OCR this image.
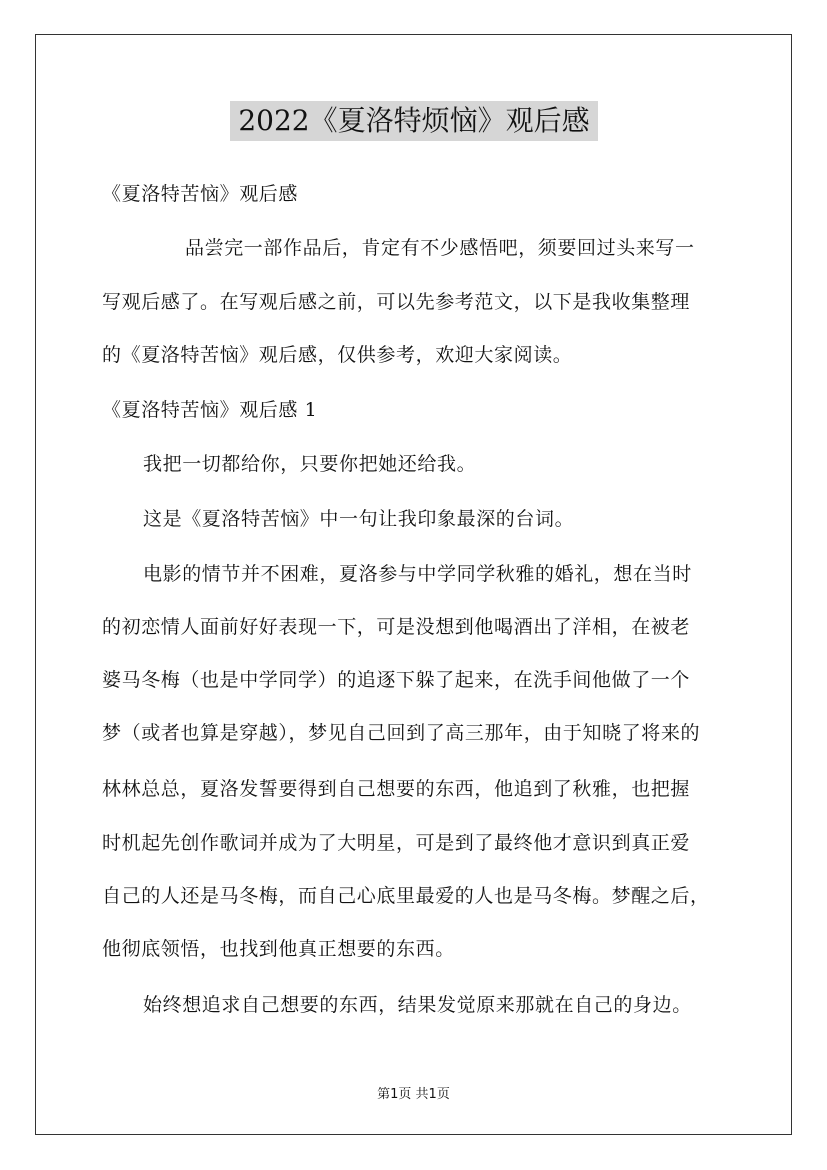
2022《夏洛特烦恼》观后感
《夏洛特苦恼》观后感
品尝完一部作品后，肯定有不少感悟吧，须要回过头来写一
写观后感了。在写观后感之前，可以先参考范文，以下是我收集整理
的《夏洛特苦恼》观后感，仅供参考，欢迎大家阅读。
《夏洛特苦恼》观后感 1
我把一切都给你，只要你把她还给我。
这是《夏洛特苦恼》中一句让我印象最深的台词。
电影的情节并不困难，夏洛参与中学同学秋雅的婚礼，想在当时
的初恋情人面前好好表现一下，可是没想到他喝酒出了洋相，在被老
婆马冬梅（也是中学同学）的追逐下躲了起来，在洗手间他做了一个
梦（或者也算是穿越），梦见自己回到了高三那年，由于知晓了将来的
林林总总，夏洛发誓要得到自己想要的东西，他追到了秋雅，也把握
时机起先创作歌词并成为了大明星，可是到了最终他才意识到真正爱
自己的人还是马冬梅，而自己心底里最爱的人也是马冬梅。梦醒之后，
他彻底领悟，也找到他真正想要的东西。
始终想追求自己想要的东西，结果发觉原来那就在自己的身边。
第1页 共1页
